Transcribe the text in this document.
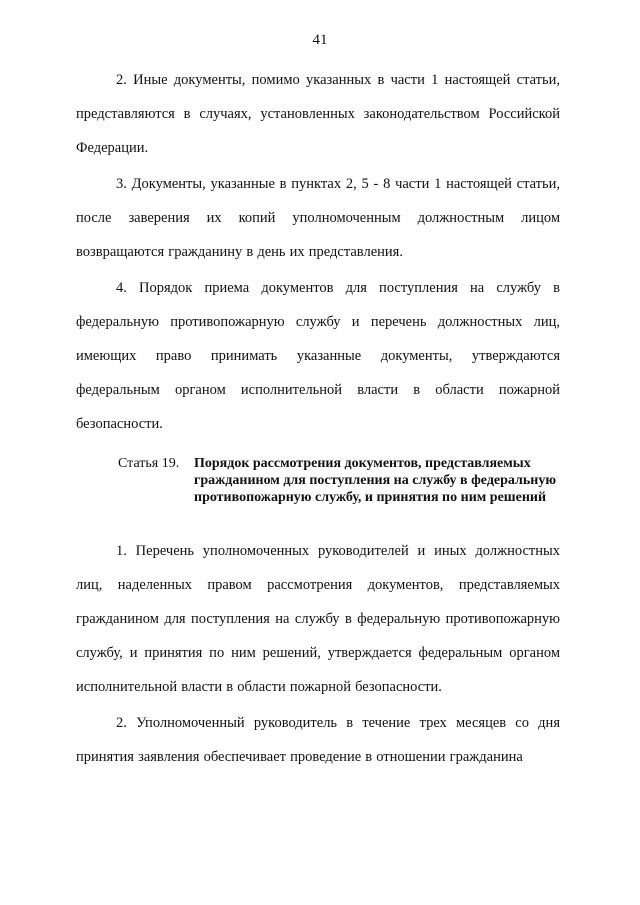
41

2. Иные документы, помимо указанных в части 1 настоящей статьи, представляются в случаях, установленных законодательством Российской Федерации.

3. Документы, указанные в пунктах 2, 5 - 8 части 1 настоящей статьи, после заверения их копий уполномоченным должностным лицом возвращаются гражданину в день их представления.

4. Порядок приема документов для поступления на службу в федеральную противопожарную службу и перечень должностных лиц, имеющих право принимать указанные документы, утверждаются федеральным органом исполнительной власти в области пожарной безопасности.

Статья 19.	Порядок рассмотрения документов, представляемых гражданином для поступления на службу в федеральную противопожарную службу, и принятия по ним решений

1. Перечень уполномоченных руководителей и иных должностных лиц, наделенных правом рассмотрения документов, представляемых гражданином для поступления на службу в федеральную противопожарную службу, и принятия по ним решений, утверждается федеральным органом исполнительной власти в области пожарной безопасности.

2. Уполномоченный руководитель в течение трех месяцев со дня принятия заявления обеспечивает проведение в отношении гражданина
